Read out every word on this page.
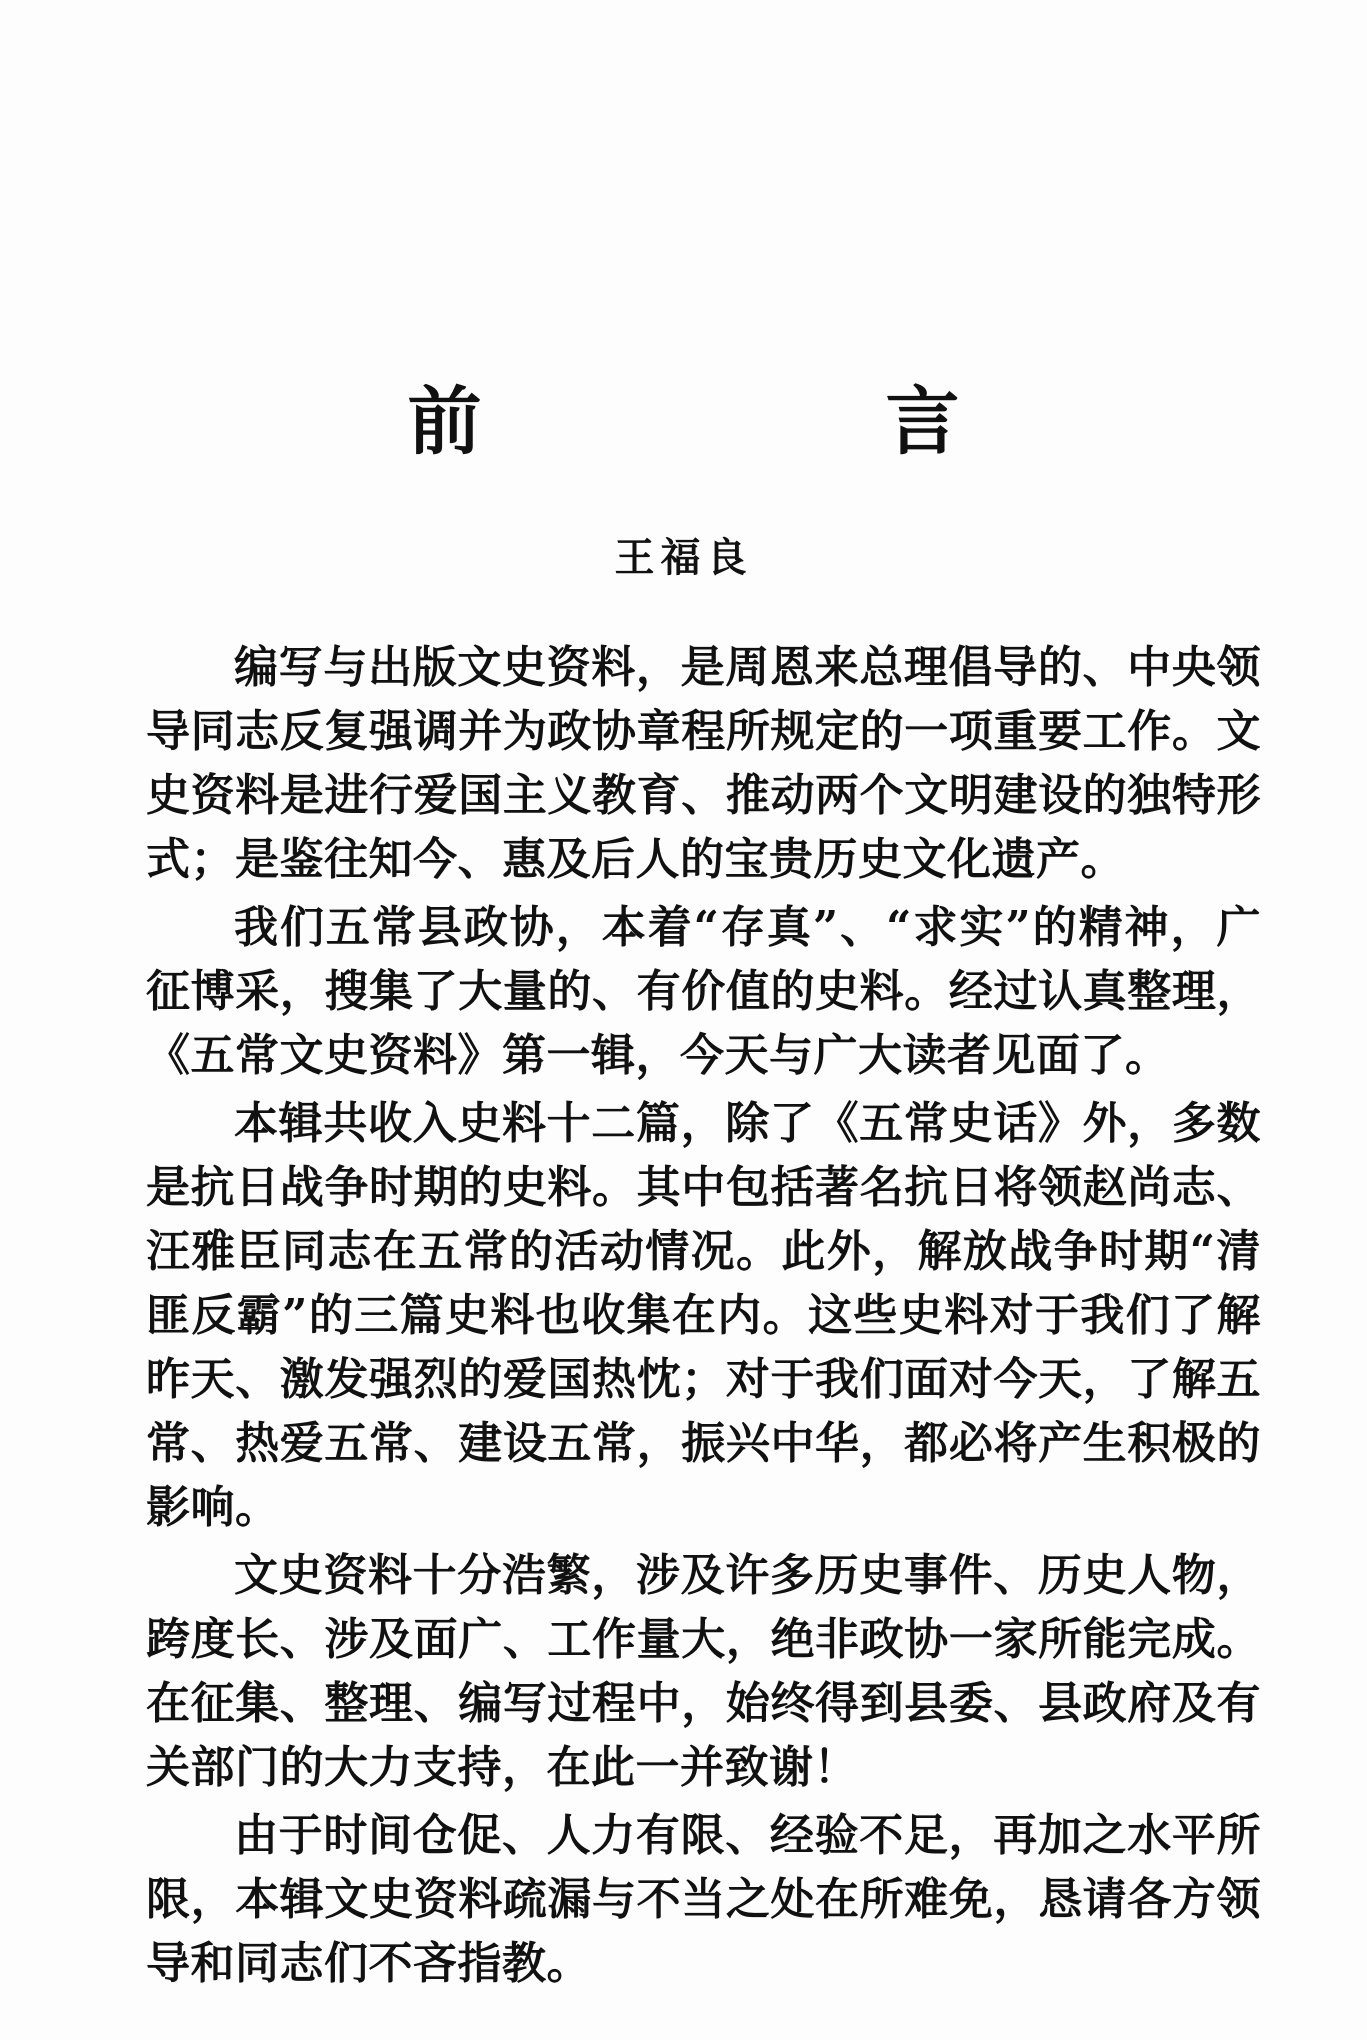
前　言
王福良

编写与出版文史资料，是周恩来总理倡导的、中央领导同志反复强调并为政协章程所规定的一项重要工作。文史资料是进行爱国主义教育、推动两个文明建设的独特形式；是鉴往知今、惠及后人的宝贵历史文化遗产。

我们五常县政协，本着“存真”、“求实”的精神，广征博采，搜集了大量的、有价值的史料。经过认真整理，《五常文史资料》第一辑，今天与广大读者见面了。

本辑共收入史料十二篇，除了《五常史话》外，多数是抗日战争时期的史料。其中包括著名抗日将领赵尚志、汪雅臣同志在五常的活动情况。此外，解放战争时期“清匪反霸”的三篇史料也收集在内。这些史料对于我们了解昨天、激发强烈的爱国热忱；对于我们面对今天，了解五常、热爱五常、建设五常，振兴中华，都必将产生积极的影响。

文史资料十分浩繁，涉及许多历史事件、历史人物，跨度长、涉及面广、工作量大，绝非政协一家所能完成。在征集、整理、编写过程中，始终得到县委、县政府及有关部门的大力支持，在此一并致谢！

由于时间仓促、人力有限、经验不足，再加之水平所限，本辑文史资料疏漏与不当之处在所难免，恳请各方领导和同志们不吝指教。
